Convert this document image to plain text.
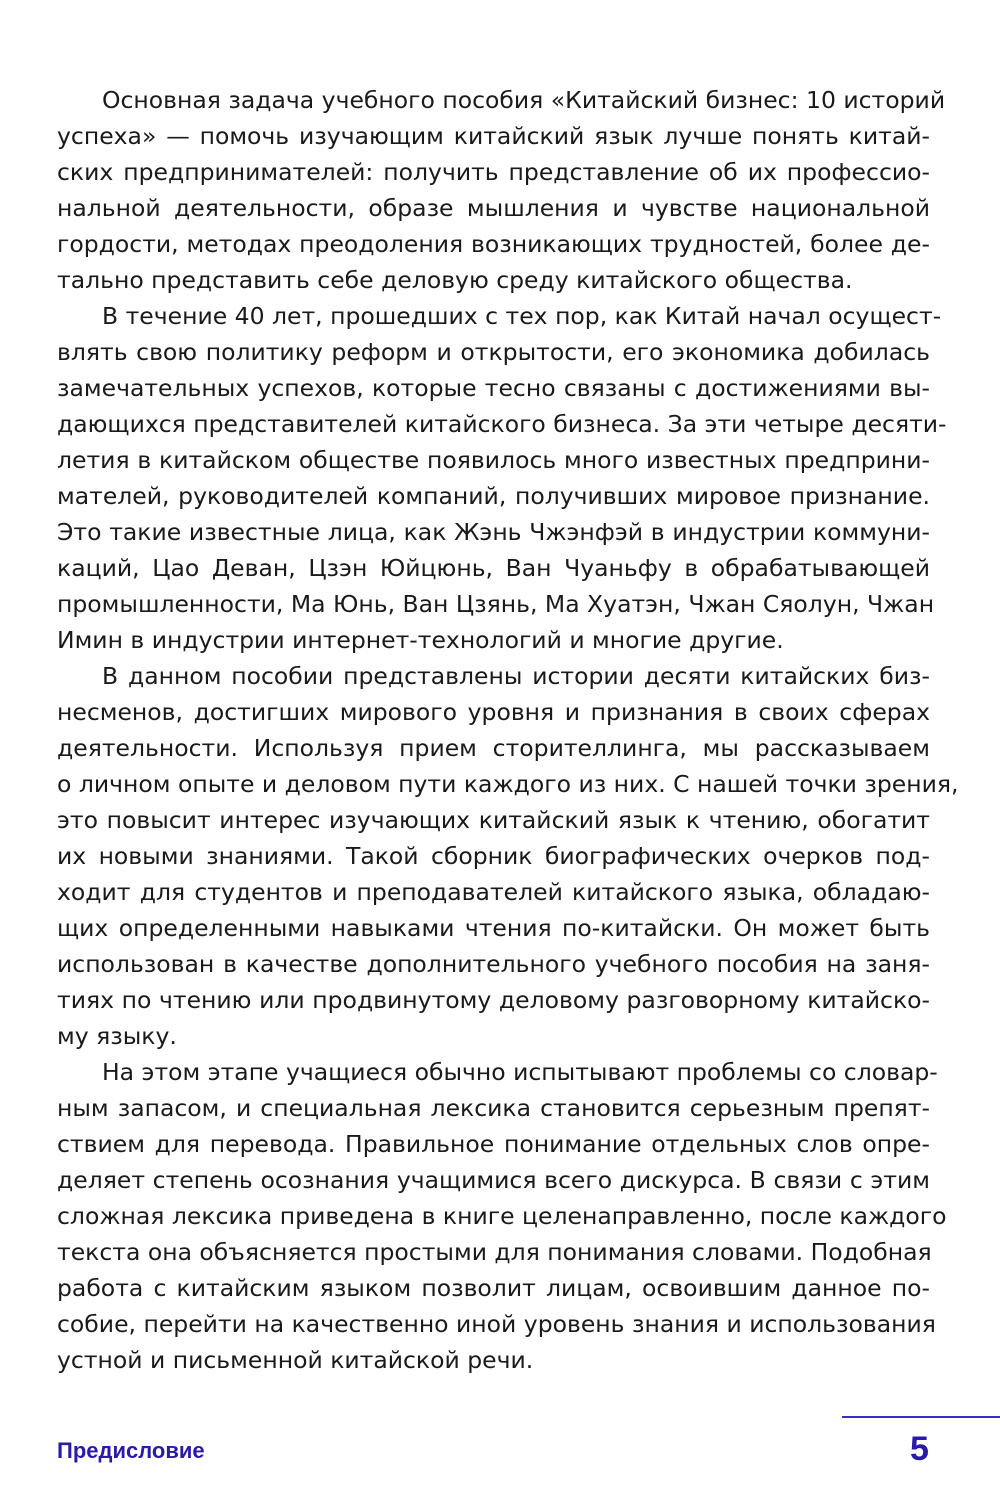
Основная задача учебного пособия «Китайский бизнес: 10 историй
успеха» — помочь изучающим китайский язык лучше понять китай-
ских предпринимателей: получить представление об их профессио-
нальной деятельности, образе мышления и чувстве национальной
гордости, методах преодоления возникающих трудностей, более де-
тально представить себе деловую среду китайского общества.
В течение 40 лет, прошедших с тех пор, как Китай начал осущест-
влять свою политику реформ и открытости, его экономика добилась
замечательных успехов, которые тесно связаны с достижениями вы-
дающихся представителей китайского бизнеса. За эти четыре десяти-
летия в китайском обществе появилось много известных предприни-
мателей, руководителей компаний, получивших мировое признание.
Это такие известные лица, как Жэнь Чжэнфэй в индустрии коммуни-
каций, Цао Деван, Цзэн Юйцюнь, Ван Чуаньфу в обрабатывающей
промышленности, Ма Юнь, Ван Цзянь, Ма Хуатэн, Чжан Сяолун, Чжан
Имин в индустрии интернет-технологий и многие другие.
В данном пособии представлены истории десяти китайских биз-
несменов, достигших мирового уровня и признания в своих сферах
деятельности. Используя прием сторителлинга, мы рассказываем
о личном опыте и деловом пути каждого из них. С нашей точки зрения,
это повысит интерес изучающих китайский язык к чтению, обогатит
их новыми знаниями. Такой сборник биографических очерков под-
ходит для студентов и преподавателей китайского языка, обладаю-
щих определенными навыками чтения по-китайски. Он может быть
использован в качестве дополнительного учебного пособия на заня-
тиях по чтению или продвинутому деловому разговорному китайско-
му языку.
На этом этапе учащиеся обычно испытывают проблемы со словар-
ным запасом, и специальная лексика становится серьезным препят-
ствием для перевода. Правильное понимание отдельных слов опре-
деляет степень осознания учащимися всего дискурса. В связи с этим
сложная лексика приведена в книге целенаправленно, после каждого
текста она объясняется простыми для понимания словами. Подобная
работа с китайским языком позволит лицам, освоившим данное по-
собие, перейти на качественно иной уровень знания и использования
устной и письменной китайской речи.
Предисловие	5
